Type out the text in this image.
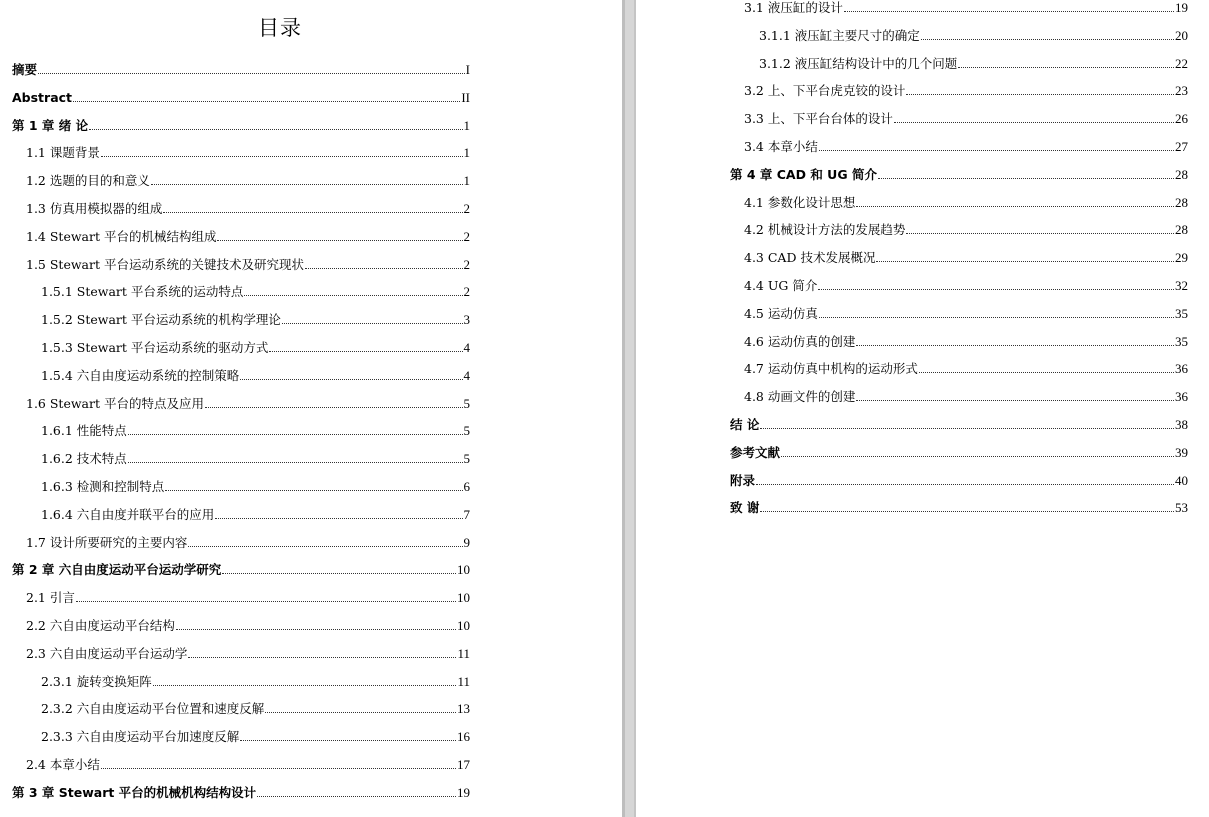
目录
摘要	I
Abstract	II
第 1 章 绪 论	1
1.1 课题背景	1
1.2 选题的目的和意义	1
1.3 仿真用模拟器的组成	2
1.4 Stewart 平台的机械结构组成	2
1.5 Stewart 平台运动系统的关键技术及研究现状	2
1.5.1 Stewart 平台系统的运动特点	2
1.5.2 Stewart 平台运动系统的机构学理论	3
1.5.3 Stewart 平台运动系统的驱动方式	4
1.5.4 六自由度运动系统的控制策略	4
1.6 Stewart 平台的特点及应用	5
1.6.1 性能特点	5
1.6.2 技术特点	5
1.6.3 检测和控制特点	6
1.6.4 六自由度并联平台的应用	7
1.7 设计所要研究的主要内容	9
第 2 章 六自由度运动平台运动学研究	10
2.1 引言	10
2.2 六自由度运动平台结构	10
2.3 六自由度运动平台运动学	11
2.3.1 旋转变换矩阵	11
2.3.2 六自由度运动平台位置和速度反解	13
2.3.3 六自由度运动平台加速度反解	16
2.4 本章小结	17
第 3 章 Stewart 平台的机械机构结构设计	19
3.1 液压缸的设计	19
3.1.1 液压缸主要尺寸的确定	20
3.1.2 液压缸结构设计中的几个问题	22
3.2 上、下平台虎克铰的设计	23
3.3 上、下平台台体的设计	26
3.4 本章小结	27
第 4 章 CAD 和 UG 简介	28
4.1 参数化设计思想	28
4.2 机械设计方法的发展趋势	28
4.3 CAD 技术发展概况	29
4.4 UG 简介	32
4.5 运动仿真	35
4.6 运动仿真的创建	35
4.7 运动仿真中机构的运动形式	36
4.8 动画文件的创建	36
结 论	38
参考文献	39
附录	40
致 谢	53
